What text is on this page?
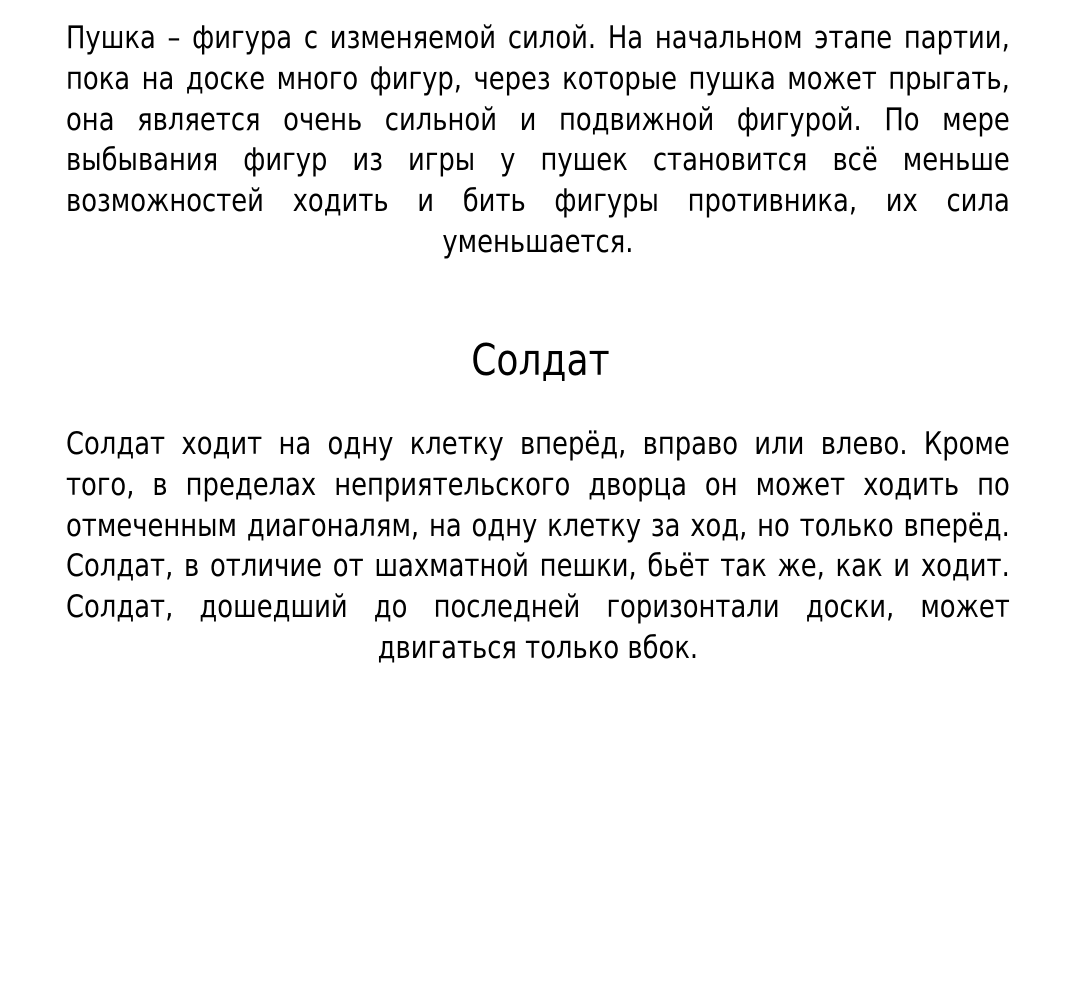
Пушка – фигура с изменяемой силой. На начальном этапе партии, пока на доске много фигур, через которые пушка может прыгать, она является очень сильной и подвижной фигурой. По мере выбывания фигур из игры у пушек становится всё меньше возможностей ходить и бить фигуры противника, их сила уменьшается.

Солдат

Солдат ходит на одну клетку вперёд, вправо или влево. Кроме того, в пределах неприятельского дворца он может ходить по отмеченным диагоналям, на одну клетку за ход, но только вперёд. Солдат, в отличие от шахматной пешки, бьёт так же, как и ходит. Солдат, дошедший до последней горизонтали доски, может двигаться только вбок.
